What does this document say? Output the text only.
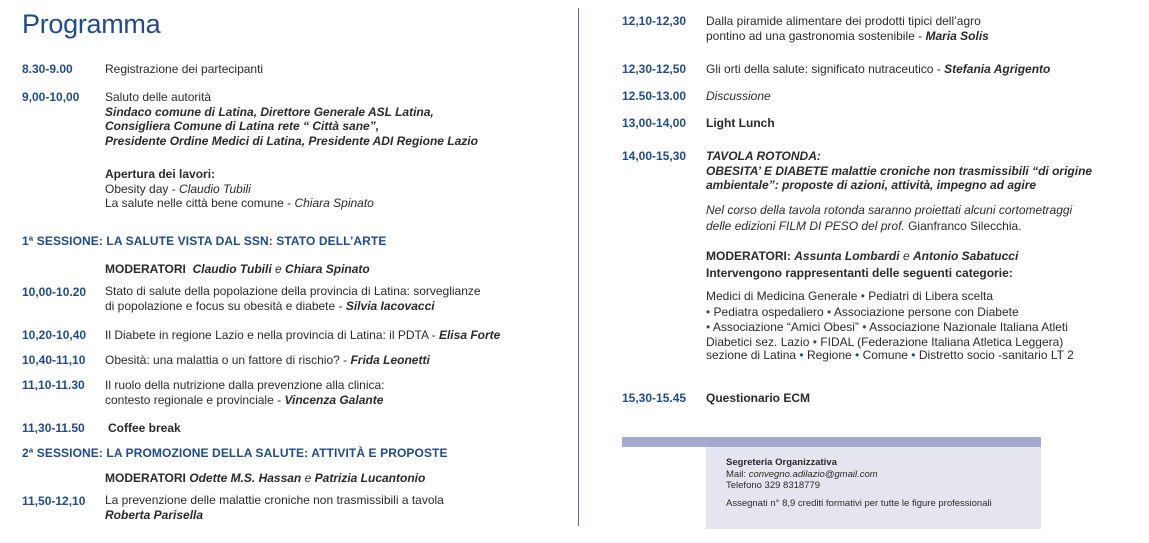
Programma
8.30-9.00	Registrazione dei partecipanti
9,00-10,00 Saluto delle autorità
Sindaco comune di Latina, Direttore Generale ASL Latina,
Consigliera Comune di Latina rete “ Città sane”,
Presidente Ordine Medici di Latina, Presidente ADI Regione Lazio
Apertura dei lavori:
Obesity day - Claudio Tubili
La salute nelle città bene comune - Chiara Spinato
1ª SESSIONE: LA SALUTE VISTA DAL SSN: STATO DELL’ARTE
MODERATORI Claudio Tubili e Chiara Spinato
10,00-10.20 Stato di salute della popolazione della provincia di Latina: sorveglianze
di popolazione e focus su obesità e diabete - Silvia Iacovacci
10,20-10,40 Il Diabete in regione Lazio e nella provincia di Latina: il PDTA - Elisa Forte
10,40-11,10 Obesità: una malattia o un fattore di rischio? - Frida Leonetti
11,10-11.30 Il ruolo della nutrizione dalla prevenzione alla clinica:
contesto regionale e provinciale - Vincenza Galante
11,30-11.50 Coffee break
2ª SESSIONE: LA PROMOZIONE DELLA SALUTE: ATTIVITÀ E PROPOSTE
MODERATORI Odette M.S. Hassan e Patrizia Lucantonio
11,50-12,10 La prevenzione delle malattie croniche non trasmissibili a tavola
Roberta Parisella
12,10-12,30 Dalla piramide alimentare dei prodotti tipici dell’agro
pontino ad una gastronomia sostenibile - Maria Solis
12,30-12,50 Gli orti della salute: significato nutraceutico - Stefania Agrigento
12.50-13.00 Discussione
13,00-14,00 Light Lunch
14,00-15,30 TAVOLA ROTONDA:
OBESITA’ E DIABETE malattie croniche non trasmissibili “di origine
ambientale”: proposte di azioni, attività, impegno ad agire
Nel corso della tavola rotonda saranno proiettati alcuni cortometraggi
delle edizioni FILM DI PESO del prof. Gianfranco Silecchia.
MODERATORI: Assunta Lombardi e Antonio Sabatucci
Intervengono rappresentanti delle seguenti categorie:
Medici di Medicina Generale • Pediatri di Libera scelta
• Pediatra ospedaliero • Associazione persone con Diabete
• Associazione “Amici Obesi” • Associazione Nazionale Italiana Atleti
Diabetici sez. Lazio • FIDAL (Federazione Italiana Atletica Leggera)
sezione di Latina • Regione • Comune • Distretto socio -sanitario LT 2
15,30-15.45 Questionario ECM
Segreteria Organizzativa
Mail: convegno.adilazio@gmail.com
Telefono 329 8318779
Assegnati n° 8,9 crediti formativi per tutte le figure professionali
